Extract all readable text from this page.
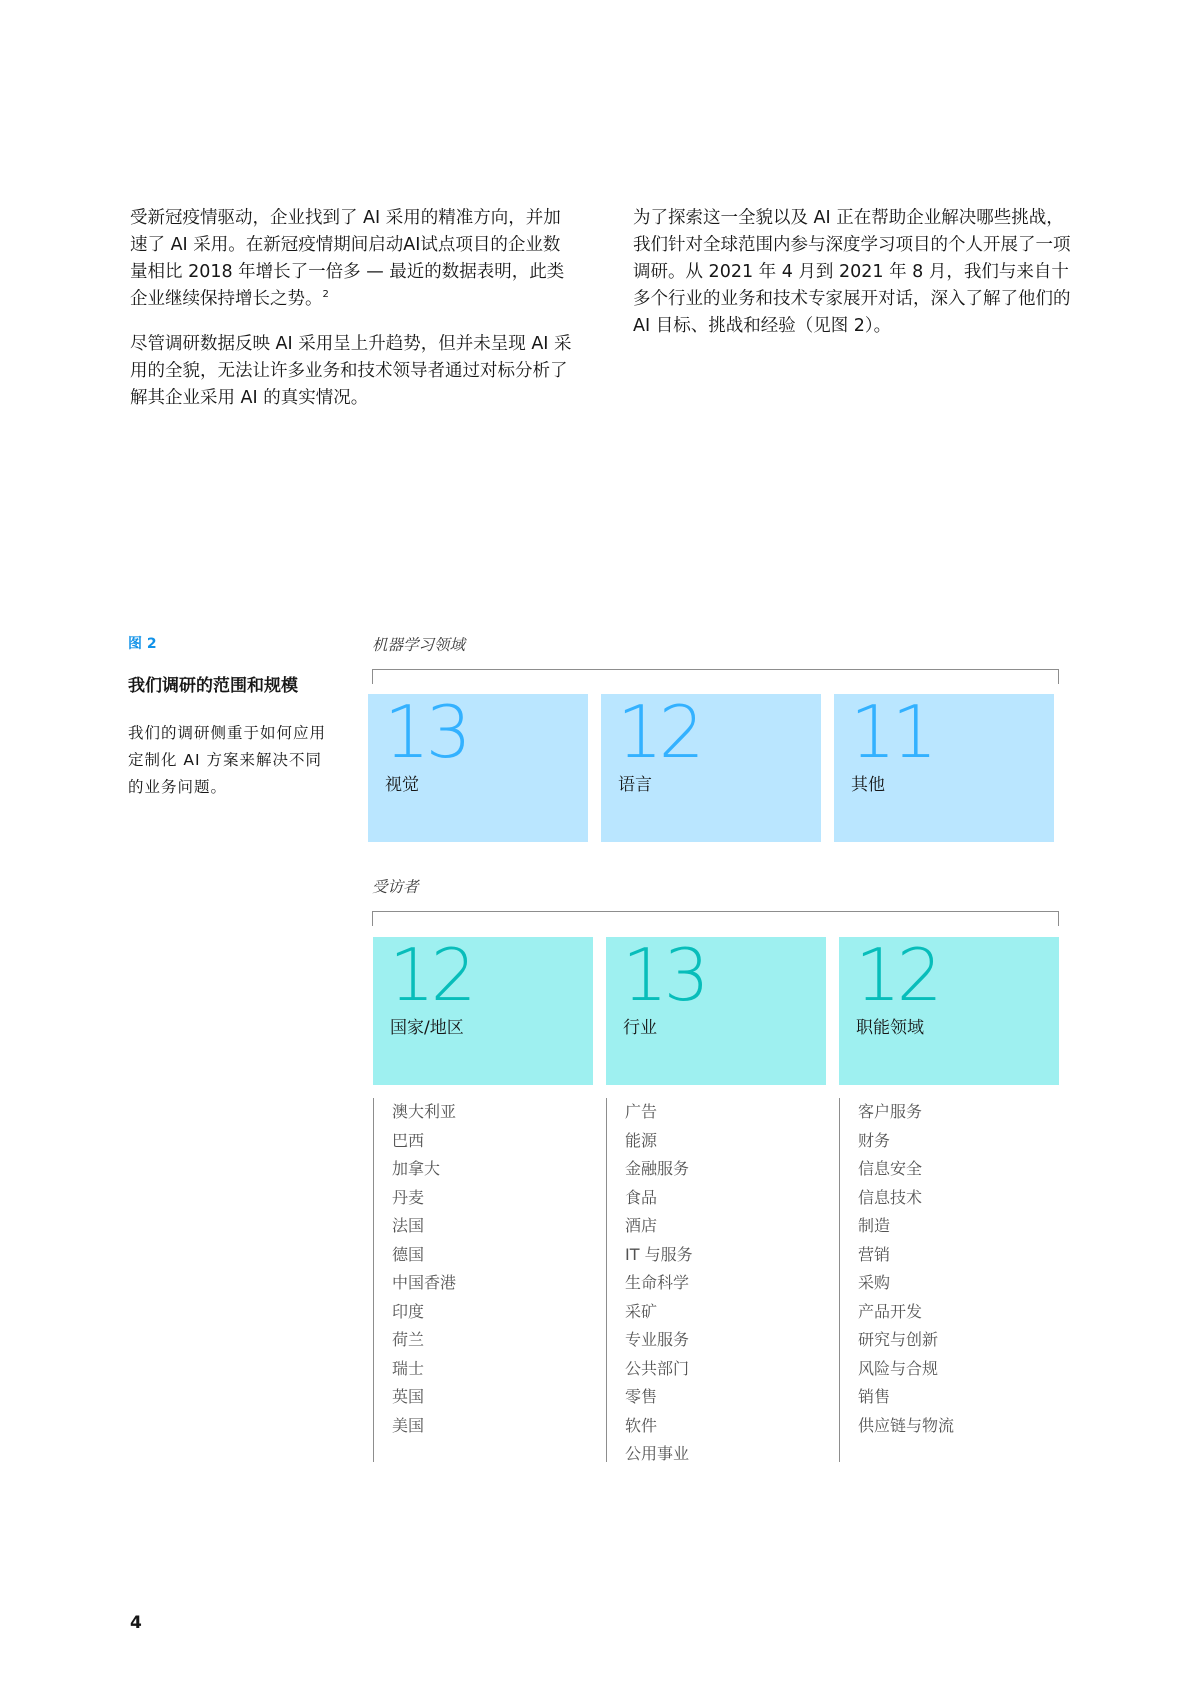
受新冠疫情驱动，企业找到了 AI 采用的精准方向，并加速了 AI 采用。在新冠疫情期间启动AI试点项目的企业数量相比 2018 年增长了一倍多 — 最近的数据表明，此类企业继续保持增长之势。$^2$

尽管调研数据反映 AI 采用呈上升趋势，但并未呈现 AI 采用的全貌，无法让许多业务和技术领导者通过对标分析了解其企业采用 AI 的真实情况。

为了探索这一全貌以及 AI 正在帮助企业解决哪些挑战，我们针对全球范围内参与深度学习项目的个人开展了一项调研。从 2021 年 4 月到 2021 年 8 月，我们与来自十多个行业的业务和技术专家展开对话，深入了解了他们的 AI 目标、挑战和经验（见图 2）。

图 2
我们调研的范围和规模
我们的调研侧重于如何应用定制化 AI 方案来解决不同的业务问题。
机器学习领域
13
视觉
12
语言
11
其他
受访者
12
国家/地区
13
行业
12
职能领域
澳大利亚
巴西
加拿大
丹麦
法国
德国
中国香港
印度
荷兰
瑞士
英国
美国
广告
能源
金融服务
食品
酒店
IT 与服务
生命科学
采矿
专业服务
公共部门
零售
软件
公用事业
客户服务
财务
信息安全
信息技术
制造
营销
采购
产品开发
研究与创新
风险与合规
销售
供应链与物流
4
